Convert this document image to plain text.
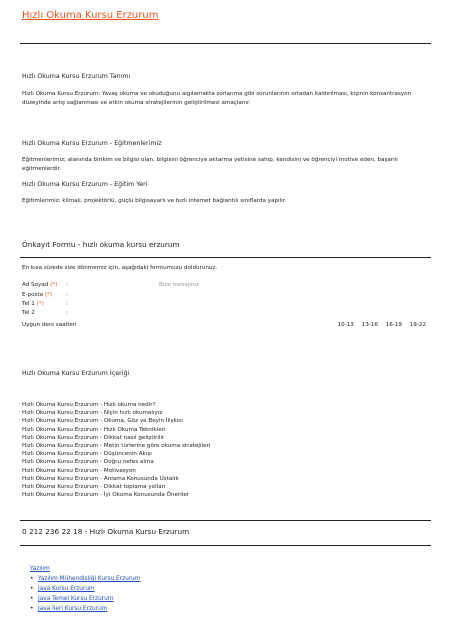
Hızlı Okuma Kursu Erzurum
Hızlı Okuma Kursu Erzurum Tanımı
Hızlı Okuma Kursu Erzurum: Yavaş okuma ve okuduğunu algılamakta zorlanma gibi sorunlarının ortadan kaldırılması, kişinin konsantrasyon düzeyinde artış sağlanması ve etkin okuma stratejilerinin geliştirilmesi amaçlanır.
Hızlı Okuma Kursu Erzurum - Eğitmenlerimiz
Eğitmenlerimiz; alanında birikim ve bilgisi olan, bilgisini öğrenciye aktarma yetisine sahip, kendisini ve öğrenciyi motive eden, başarılı eğitmenlerdir.
Hızlı Okuma Kursu Erzurum - Eğitim Yeri
Eğitimlerimiz; klimalı, projektörlü, güçlü bilgisayarlı ve hızlı internet bağlantılı sınıflarda yapılır.
Önkayıt Formu - hızlı okuma kursu erzurum
En kısa sürede size dönmemiz için, aşağıdaki formumuzu doldurunuz.
Ad Soyad (*) :
E-posta (*) :
Tel 1 (*)	:
Tel 2	:
Bize mesajınız
Uygun ders saatleri	10-13 13-16 16-19 19-22
Hızlı Okuma Kursu Erzurum İçeriği
Hızlı Okuma Kursu Erzurum - Hızlı okuma nedir?
Hızlı Okuma Kursu Erzurum - Niçin hızlı okumalıyız
Hızlı Okuma Kursu Erzurum - Okuma, Göz ve Beyin İlişkisi
Hızlı Okuma Kursu Erzurum - Hızlı Okuma Teknikleri
Hızlı Okuma Kursu Erzurum - Dikkat nasıl geliştirilir
Hızlı Okuma Kursu Erzurum - Metin türlerine göre okuma stratejileri
Hızlı Okuma Kursu Erzurum - Düşüncenin Akışı
Hızlı Okuma Kursu Erzurum - Doğru nefes alma
Hızlı Okuma Kursu Erzurum - Motivasyon
Hızlı Okuma Kursu Erzurum - Anlama Konusunda Ustalık
Hızlı Okuma Kursu Erzurum - Dikkat toplama yolları
Hızlı Okuma Kursu Erzurum - İyi Okuma Konusunda Öneriler
0 212 236 22 18 - Hızlı Okuma Kursu Erzurum
Yazılım
• Yazılım Mühendisliği Kursu Erzurum
• Java Kursu Erzurum
• Java Temel Kursu Erzurum
• Java İleri Kursu Erzurum
